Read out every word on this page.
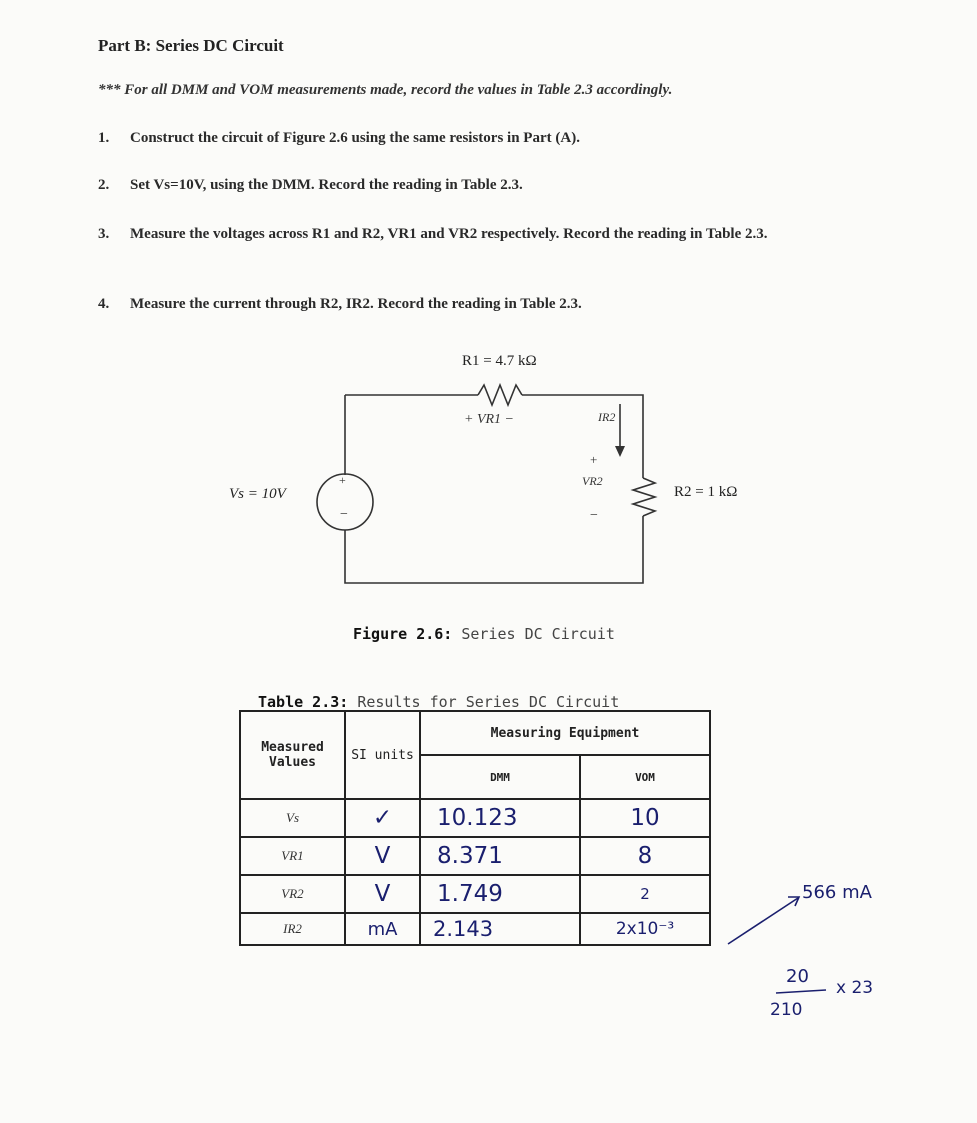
Part B: Series DC Circuit
*** For all DMM and VOM measurements made, record the values in Table 2.3 accordingly.
1. Construct the circuit of Figure 2.6 using the same resistors in Part (A).
2. Set Vs=10V, using the DMM. Record the reading in Table 2.3.
3. Measure the voltages across R1 and R2, VR1 and VR2 respectively. Record the reading in Table 2.3.
4. Measure the current through R2, IR2. Record the reading in Table 2.3.
+
−
R1 = 4.7 kΩ
+ VR1 −	IR2
+
VR2
−
R2 = 1 kΩ
Vs = 10V
Figure 2.6: Series DC Circuit
Table 2.3: Results for Series DC Circuit
Measured Values	SI units	Measuring Equipment	
		DMM	VOM
Vs	✓	10.123	10
VR1	V	8.371	8
VR2	V	1.749	2
IR2	mA	2.143	2x10⁻³
566 mA
20
210
x 23
